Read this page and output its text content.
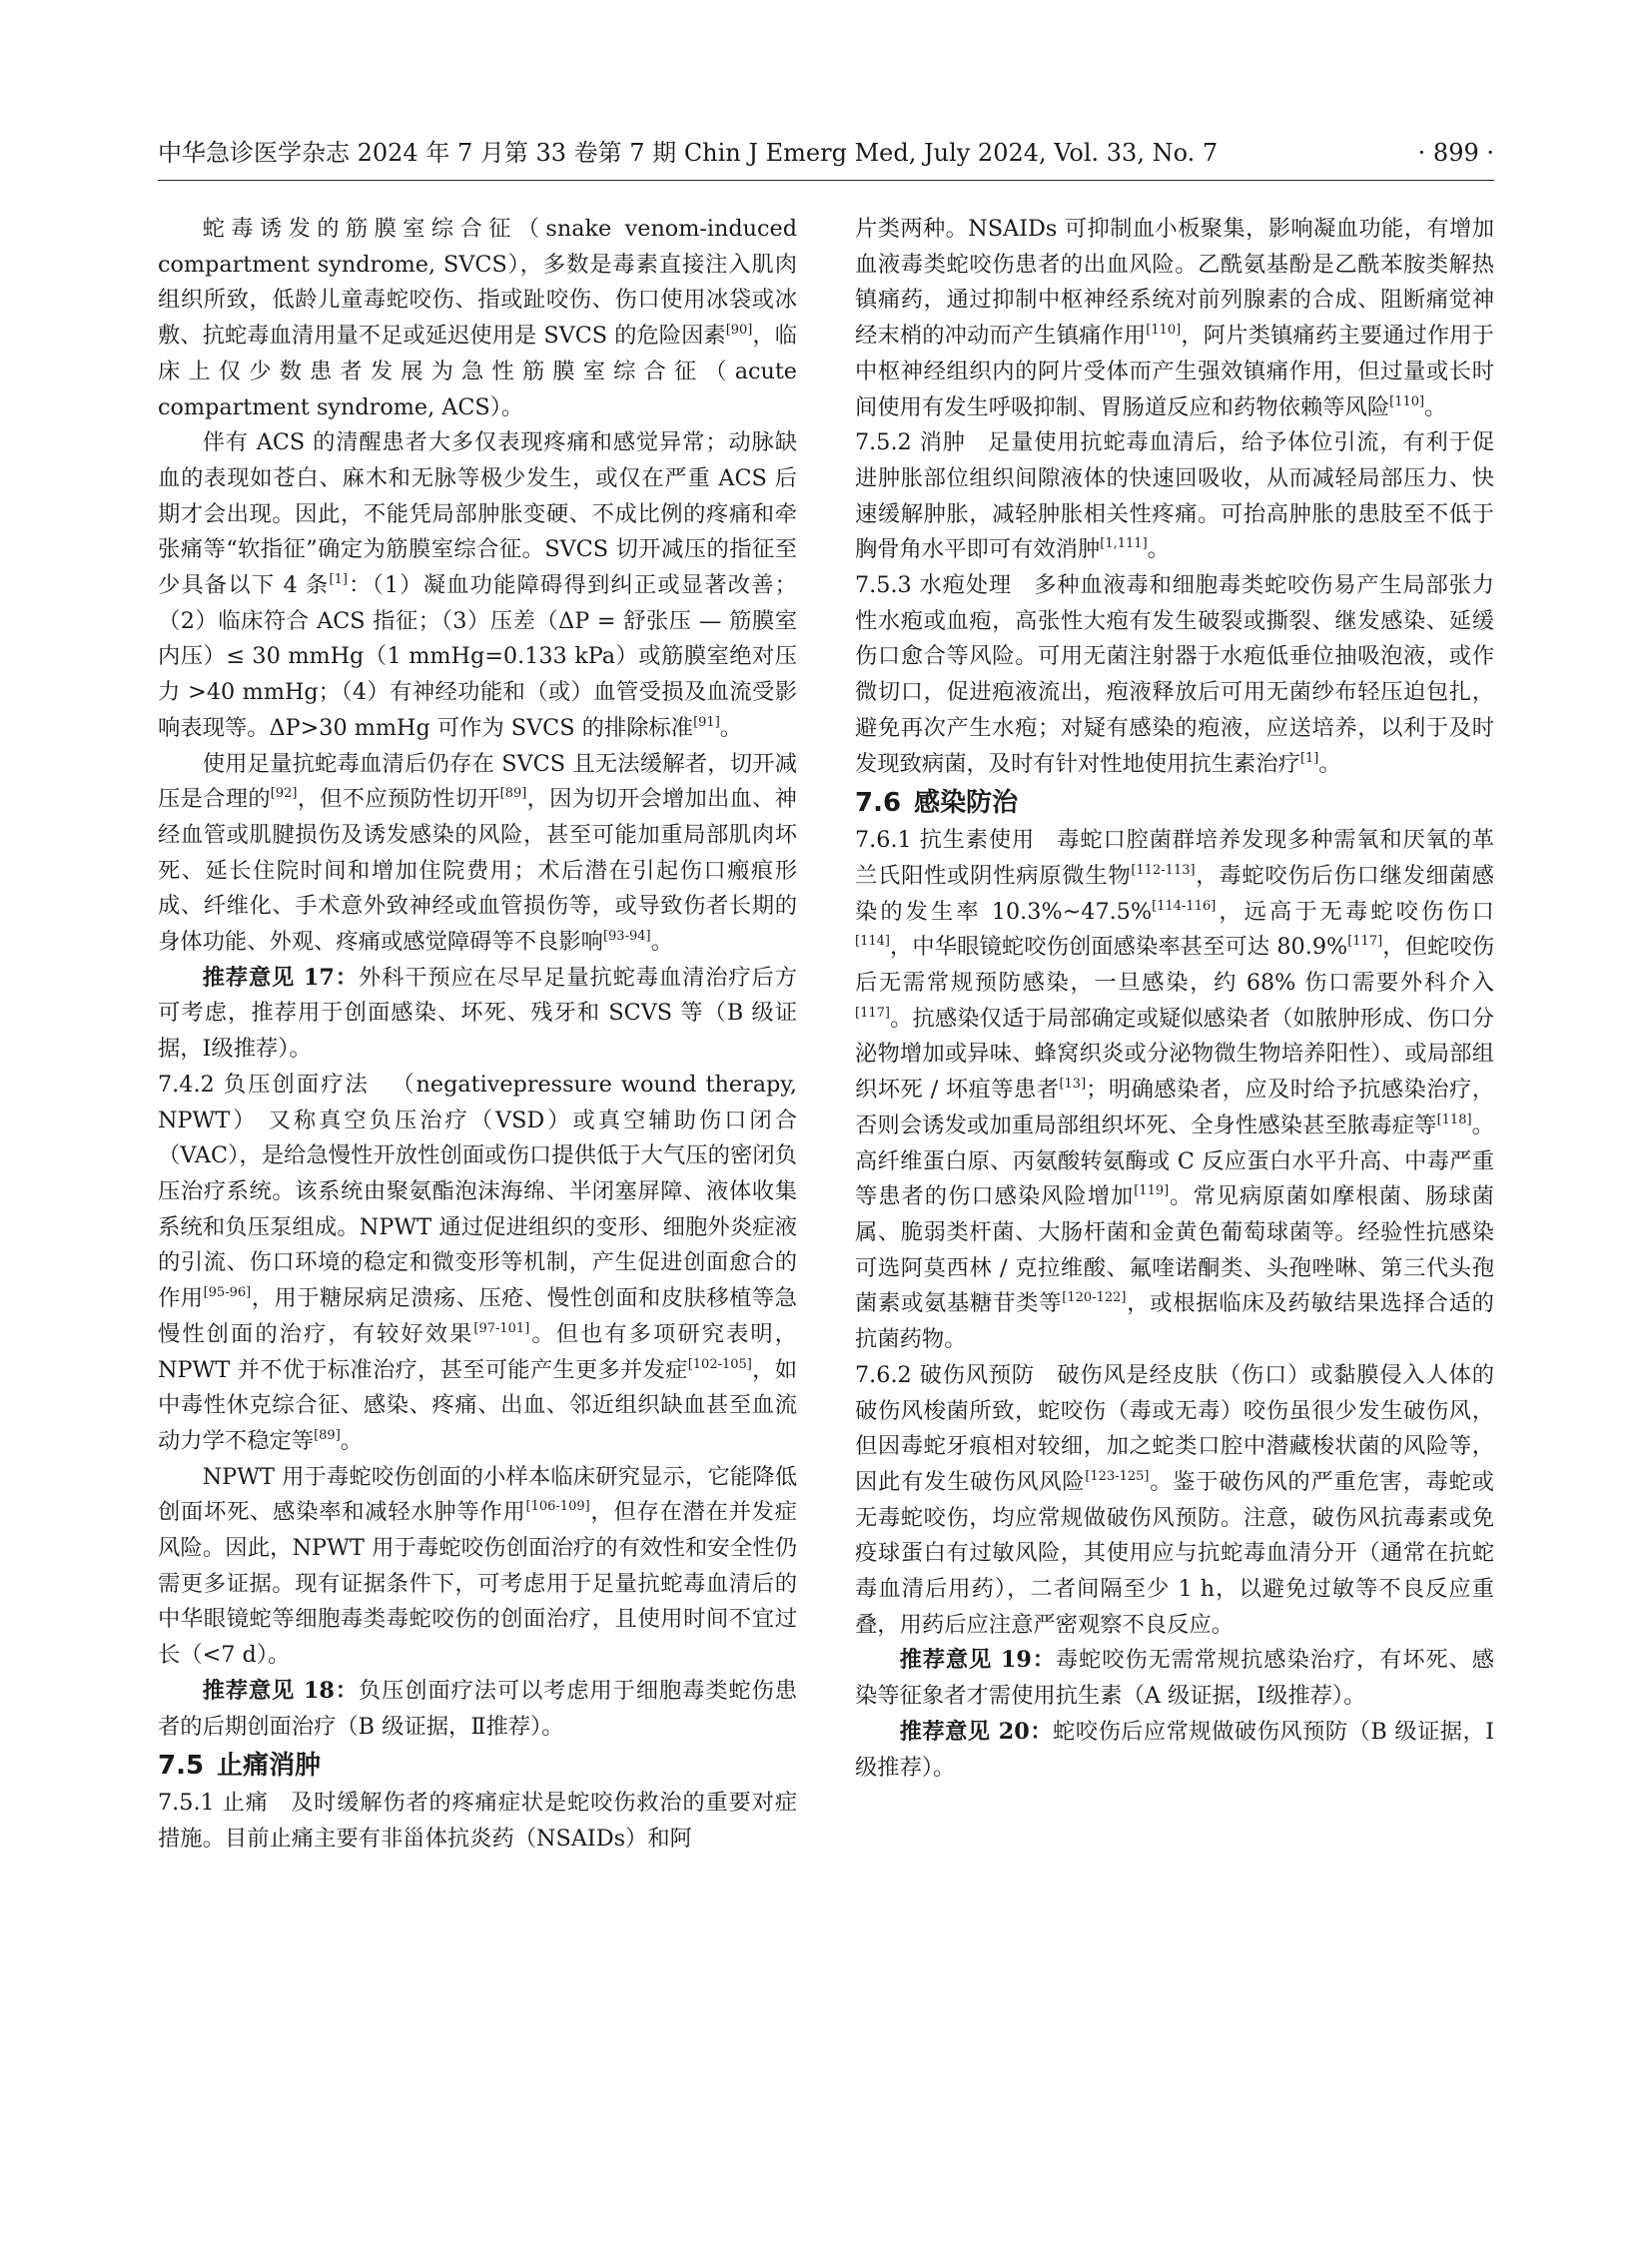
中华急诊医学杂志 2024 年 7 月第 33 卷第 7 期 Chin J Emerg Med, July 2024, Vol. 33, No. 7	· 899 ·

蛇毒诱发的筋膜室综合征（snake venom-induced compartment syndrome, SVCS），多数是毒素直接注入肌肉组织所致，低龄儿童毒蛇咬伤、指或趾咬伤、伤口使用冰袋或冰敷、抗蛇毒血清用量不足或延迟使用是 SVCS 的危险因素[90]，临床上仅少数患者发展为急性筋膜室综合征（acute compartment syndrome, ACS）。

伴有 ACS 的清醒患者大多仅表现疼痛和感觉异常；动脉缺血的表现如苍白、麻木和无脉等极少发生，或仅在严重 ACS 后期才会出现。因此，不能凭局部肿胀变硬、不成比例的疼痛和牵张痛等“软指征”确定为筋膜室综合征。SVCS 切开减压的指征至少具备以下 4 条[1]：（1）凝血功能障碍得到纠正或显著改善；（2）临床符合 ACS 指征；（3）压差（ΔP = 舒张压 — 筋膜室内压）≤ 30 mmHg（1 mmHg=0.133 kPa）或筋膜室绝对压力 >40 mmHg；（4）有神经功能和（或）血管受损及血流受影响表现等。ΔP>30 mmHg 可作为 SVCS 的排除标准[91]。

使用足量抗蛇毒血清后仍存在 SVCS 且无法缓解者，切开减压是合理的[92]，但不应预防性切开[89]，因为切开会增加出血、神经血管或肌腱损伤及诱发感染的风险，甚至可能加重局部肌肉坏死、延长住院时间和增加住院费用；术后潜在引起伤口瘢痕形成、纤维化、手术意外致神经或血管损伤等，或导致伤者长期的身体功能、外观、疼痛或感觉障碍等不良影响[93-94]。

推荐意见 17：外科干预应在尽早足量抗蛇毒血清治疗后方可考虑，推荐用于创面感染、坏死、残牙和 SCVS 等（B 级证据，Ⅰ级推荐）。

7.4.2 负压创面疗法 （negativepressure wound therapy, NPWT） 又称真空负压治疗（VSD）或真空辅助伤口闭合（VAC），是给急慢性开放性创面或伤口提供低于大气压的密闭负压治疗系统。该系统由聚氨酯泡沫海绵、半闭塞屏障、液体收集系统和负压泵组成。NPWT 通过促进组织的变形、细胞外炎症液的引流、伤口环境的稳定和微变形等机制，产生促进创面愈合的作用[95-96]，用于糖尿病足溃疡、压疮、慢性创面和皮肤移植等急慢性创面的治疗，有较好效果[97-101]。但也有多项研究表明，NPWT 并不优于标准治疗，甚至可能产生更多并发症[102-105]，如中毒性休克综合征、感染、疼痛、出血、邻近组织缺血甚至血流动力学不稳定等[89]。

NPWT 用于毒蛇咬伤创面的小样本临床研究显示，它能降低创面坏死、感染率和减轻水肿等作用[106-109]，但存在潜在并发症风险。因此，NPWT 用于毒蛇咬伤创面治疗的有效性和安全性仍需更多证据。现有证据条件下，可考虑用于足量抗蛇毒血清后的中华眼镜蛇等细胞毒类毒蛇咬伤的创面治疗，且使用时间不宜过长（<7 d）。

推荐意见 18：负压创面疗法可以考虑用于细胞毒类蛇伤患者的后期创面治疗（B 级证据，Ⅱ推荐）。

7.5 止痛消肿

7.5.1 止痛 及时缓解伤者的疼痛症状是蛇咬伤救治的重要对症措施。目前止痛主要有非甾体抗炎药（NSAIDs）和阿

片类两种。NSAIDs 可抑制血小板聚集，影响凝血功能，有增加血液毒类蛇咬伤患者的出血风险。乙酰氨基酚是乙酰苯胺类解热镇痛药，通过抑制中枢神经系统对前列腺素的合成、阻断痛觉神经末梢的冲动而产生镇痛作用[110]，阿片类镇痛药主要通过作用于中枢神经组织内的阿片受体而产生强效镇痛作用，但过量或长时间使用有发生呼吸抑制、胃肠道反应和药物依赖等风险[110]。

7.5.2 消肿 足量使用抗蛇毒血清后，给予体位引流，有利于促进肿胀部位组织间隙液体的快速回吸收，从而减轻局部压力、快速缓解肿胀，减轻肿胀相关性疼痛。可抬高肿胀的患肢至不低于胸骨角水平即可有效消肿[1,111]。

7.5.3 水疱处理 多种血液毒和细胞毒类蛇咬伤易产生局部张力性水疱或血疱，高张性大疱有发生破裂或撕裂、继发感染、延缓伤口愈合等风险。可用无菌注射器于水疱低垂位抽吸泡液，或作微切口，促进疱液流出，疱液释放后可用无菌纱布轻压迫包扎，避免再次产生水疱；对疑有感染的疱液，应送培养，以利于及时发现致病菌，及时有针对性地使用抗生素治疗[1]。

7.6 感染防治

7.6.1 抗生素使用 毒蛇口腔菌群培养发现多种需氧和厌氧的革兰氏阳性或阴性病原微生物[112-113]，毒蛇咬伤后伤口继发细菌感染的发生率 10.3%~47.5%[114-116]，远高于无毒蛇咬伤伤口[114]，中华眼镜蛇咬伤创面感染率甚至可达 80.9%[117]，但蛇咬伤后无需常规预防感染，一旦感染，约 68% 伤口需要外科介入[117]。抗感染仅适于局部确定或疑似感染者（如脓肿形成、伤口分泌物增加或异味、蜂窝织炎或分泌物微生物培养阳性）、或局部组织坏死 / 坏疽等患者[13]；明确感染者，应及时给予抗感染治疗，否则会诱发或加重局部组织坏死、全身性感染甚至脓毒症等[118]。高纤维蛋白原、丙氨酸转氨酶或 C 反应蛋白水平升高、中毒严重等患者的伤口感染风险增加[119]。常见病原菌如摩根菌、肠球菌属、脆弱类杆菌、大肠杆菌和金黄色葡萄球菌等。经验性抗感染可选阿莫西林 / 克拉维酸、氟喹诺酮类、头孢唑啉、第三代头孢菌素或氨基糖苷类等[120-122]，或根据临床及药敏结果选择合适的抗菌药物。

7.6.2 破伤风预防 破伤风是经皮肤（伤口）或黏膜侵入人体的破伤风梭菌所致，蛇咬伤（毒或无毒）咬伤虽很少发生破伤风，但因毒蛇牙痕相对较细，加之蛇类口腔中潜藏梭状菌的风险等，因此有发生破伤风风险[123-125]。鉴于破伤风的严重危害，毒蛇或无毒蛇咬伤，均应常规做破伤风预防。注意，破伤风抗毒素或免疫球蛋白有过敏风险，其使用应与抗蛇毒血清分开（通常在抗蛇毒血清后用药），二者间隔至少 1 h，以避免过敏等不良反应重叠，用药后应注意严密观察不良反应。

推荐意见 19：毒蛇咬伤无需常规抗感染治疗，有坏死、感染等征象者才需使用抗生素（A 级证据，Ⅰ级推荐）。

推荐意见 20：蛇咬伤后应常规做破伤风预防（B 级证据，Ⅰ级推荐）。
